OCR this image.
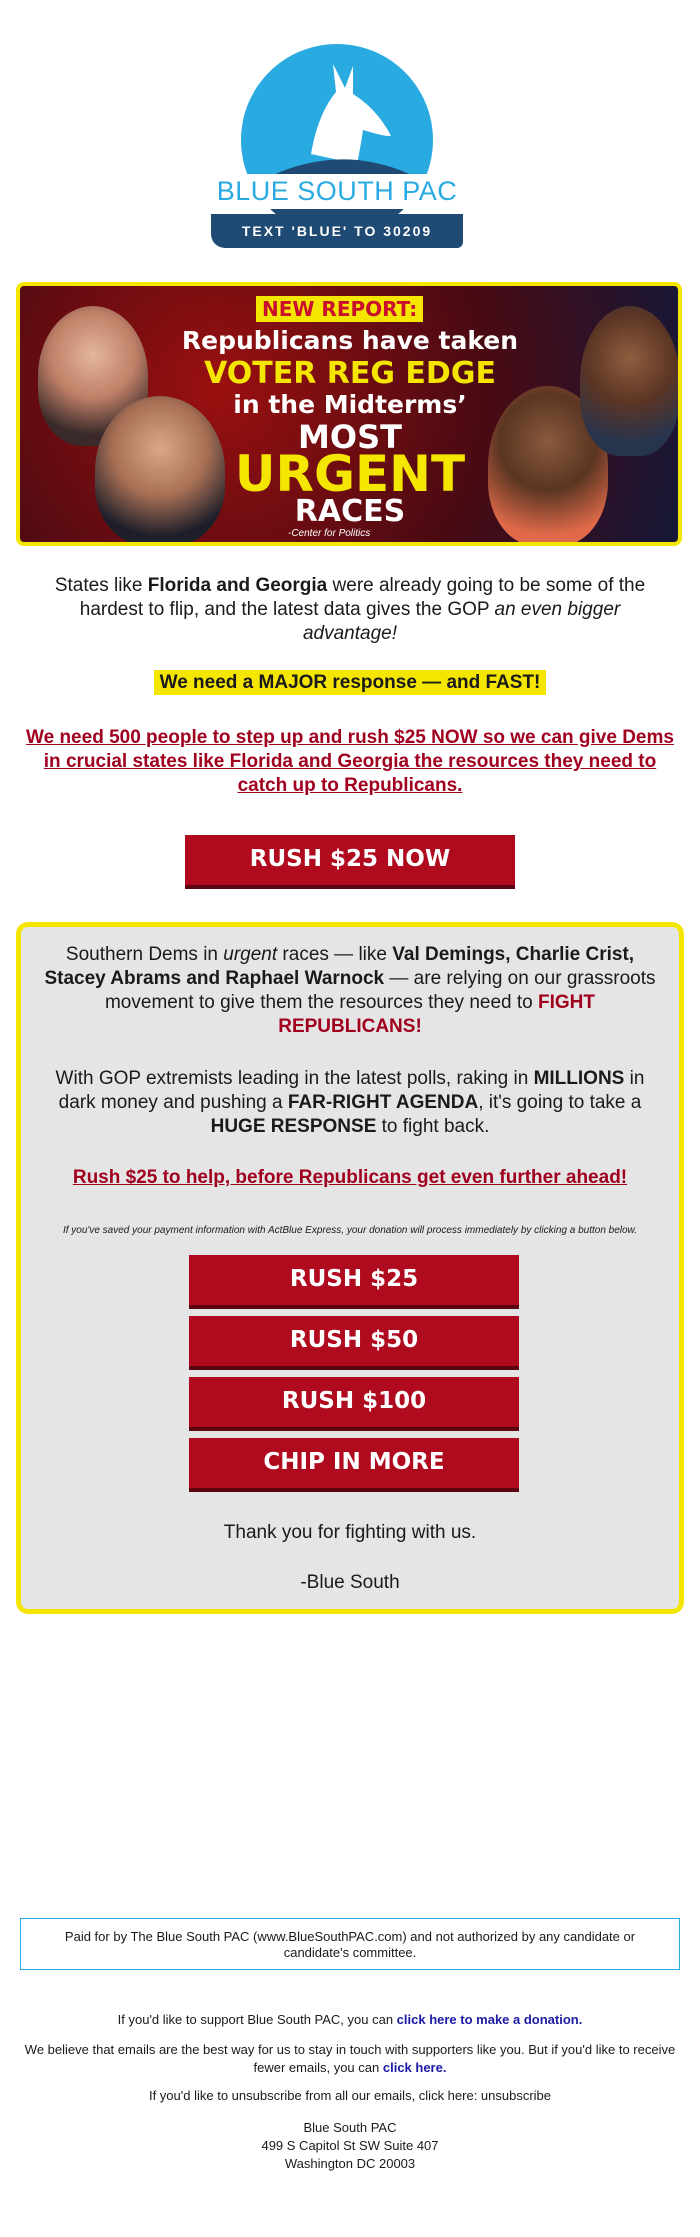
BLUE SOUTH PAC
TEXT 'BLUE' TO 30209
NEW REPORT:
Republicans have taken
VOTER REG EDGE
in the Midterms’
MOST
URGENT
RACES
-Center for Politics
States like Florida and Georgia were already going to be some of the hardest to flip, and the latest data gives the GOP an even bigger advantage!
We need a MAJOR response — and FAST!
We need 500 people to step up and rush $25 NOW so we can give Dems in crucial states like Florida and Georgia the resources they need to catch up to Republicans.
RUSH $25 NOW
Southern Dems in urgent races — like Val Demings, Charlie Crist, Stacey Abrams and Raphael Warnock — are relying on our grassroots movement to give them the resources they need to FIGHT REPUBLICANS!
With GOP extremists leading in the latest polls, raking in MILLIONS in dark money and pushing a FAR-RIGHT AGENDA, it's going to take a HUGE RESPONSE to fight back.
Rush $25 to help, before Republicans get even further ahead!
If you've saved your payment information with ActBlue Express, your donation will process immediately by clicking a button below.
RUSH $25
RUSH $50
RUSH $100
CHIP IN MORE
Thank you for fighting with us.
-Blue South
Paid for by The Blue South PAC (www.BlueSouthPAC.com) and not authorized by any candidate or candidate's committee.
If you'd like to support Blue South PAC, you can click here to make a donation.
We believe that emails are the best way for us to stay in touch with supporters like you. But if you'd like to receive fewer emails, you can click here.
If you'd like to unsubscribe from all our emails, click here: unsubscribe
Blue South PAC
499 S Capitol St SW Suite 407
Washington DC 20003
